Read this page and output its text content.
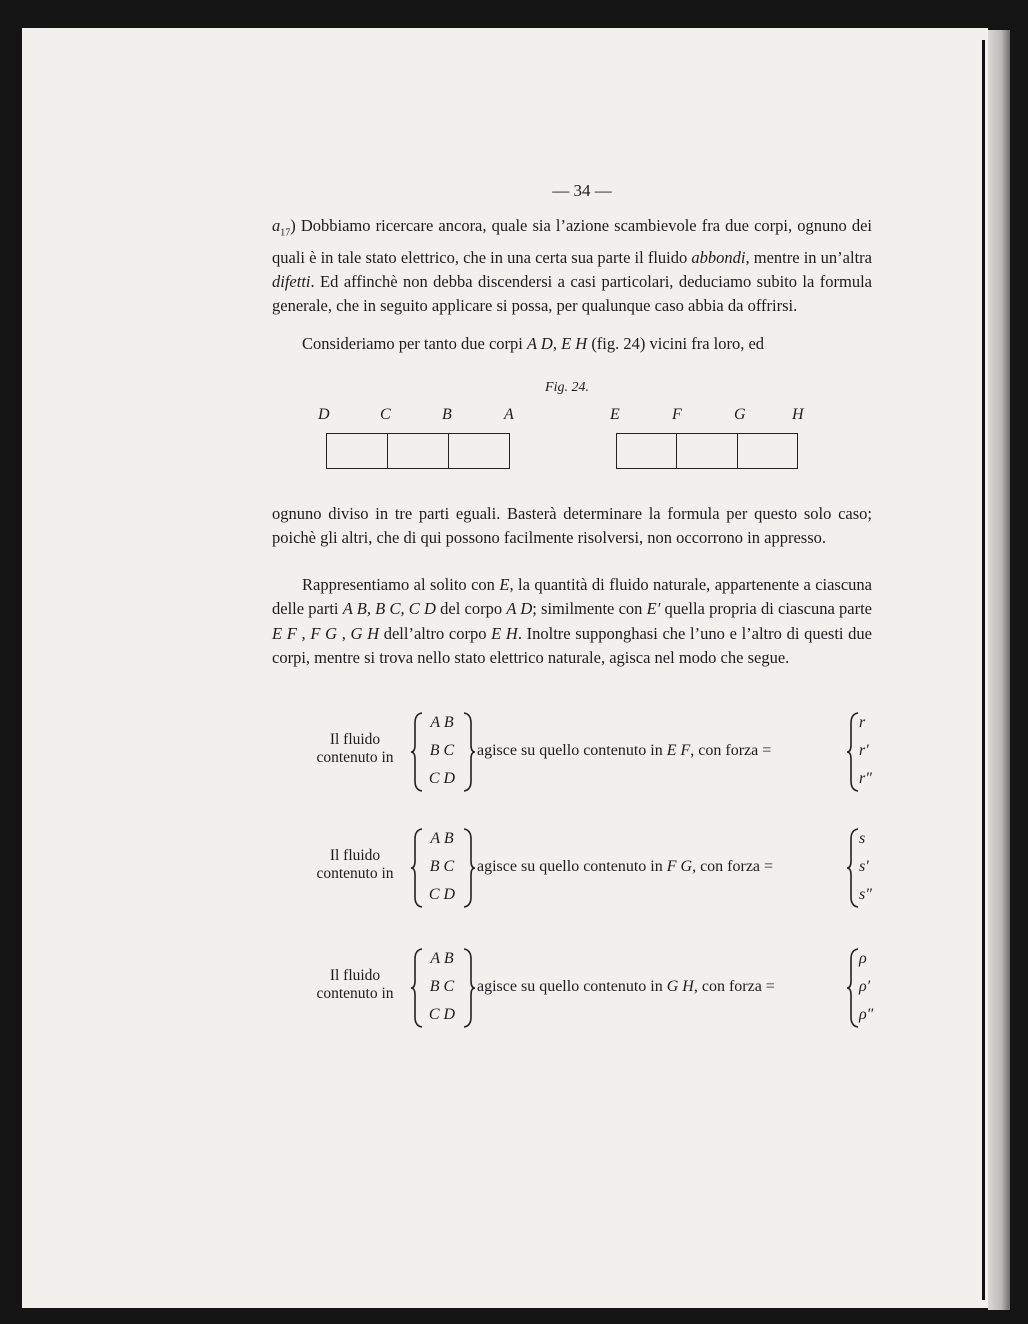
— 34 —

$a_{17}$) Dobbiamo ricercare ancora, quale sia l’azione scambievole fra due corpi, ognuno dei quali è in tale stato elettrico, che in una certa sua parte il fluido abbondi, mentre in un’altra difetti. Ed affinchè non debba discendersi a casi particolari, deduciamo subito la formula generale, che in seguito applicare si possa, per qualunque caso abbia da offrirsi.

Consideriamo per tanto due corpi A D, E H (fig. 24) vicini fra loro, ed

Fig. 24.
D	C	B	A	E	F	G	H

ognuno diviso in tre parti eguali. Basterà determinare la formula per questo solo caso; poichè gli altri, che di qui possono facilmente risolversi, non occorrono in appresso.

Rappresentiamo al solito con E, la quantità di fluido naturale, appartenente a ciascuna delle parti A B, B C, C D del corpo A D; similmente con E′ quella propria di ciascuna parte E F , F G , G H dell’altro corpo E H. Inoltre supponghasi che l’uno e l’altro di questi due corpi, mentre si trova nello stato elettrico naturale, agisca nel modo che segue.

Il fluido
contenuto in
A B
B C
C D
agisce su quello contenuto in E F, con forza =
r
r′
r″
Il fluido
contenuto in
A B
B C
C D
agisce su quello contenuto in F G, con forza =
s
s′
s″
Il fluido
contenuto in
A B
B C
C D
agisce su quello contenuto in G H, con forza =
ρ
ρ′
ρ″
